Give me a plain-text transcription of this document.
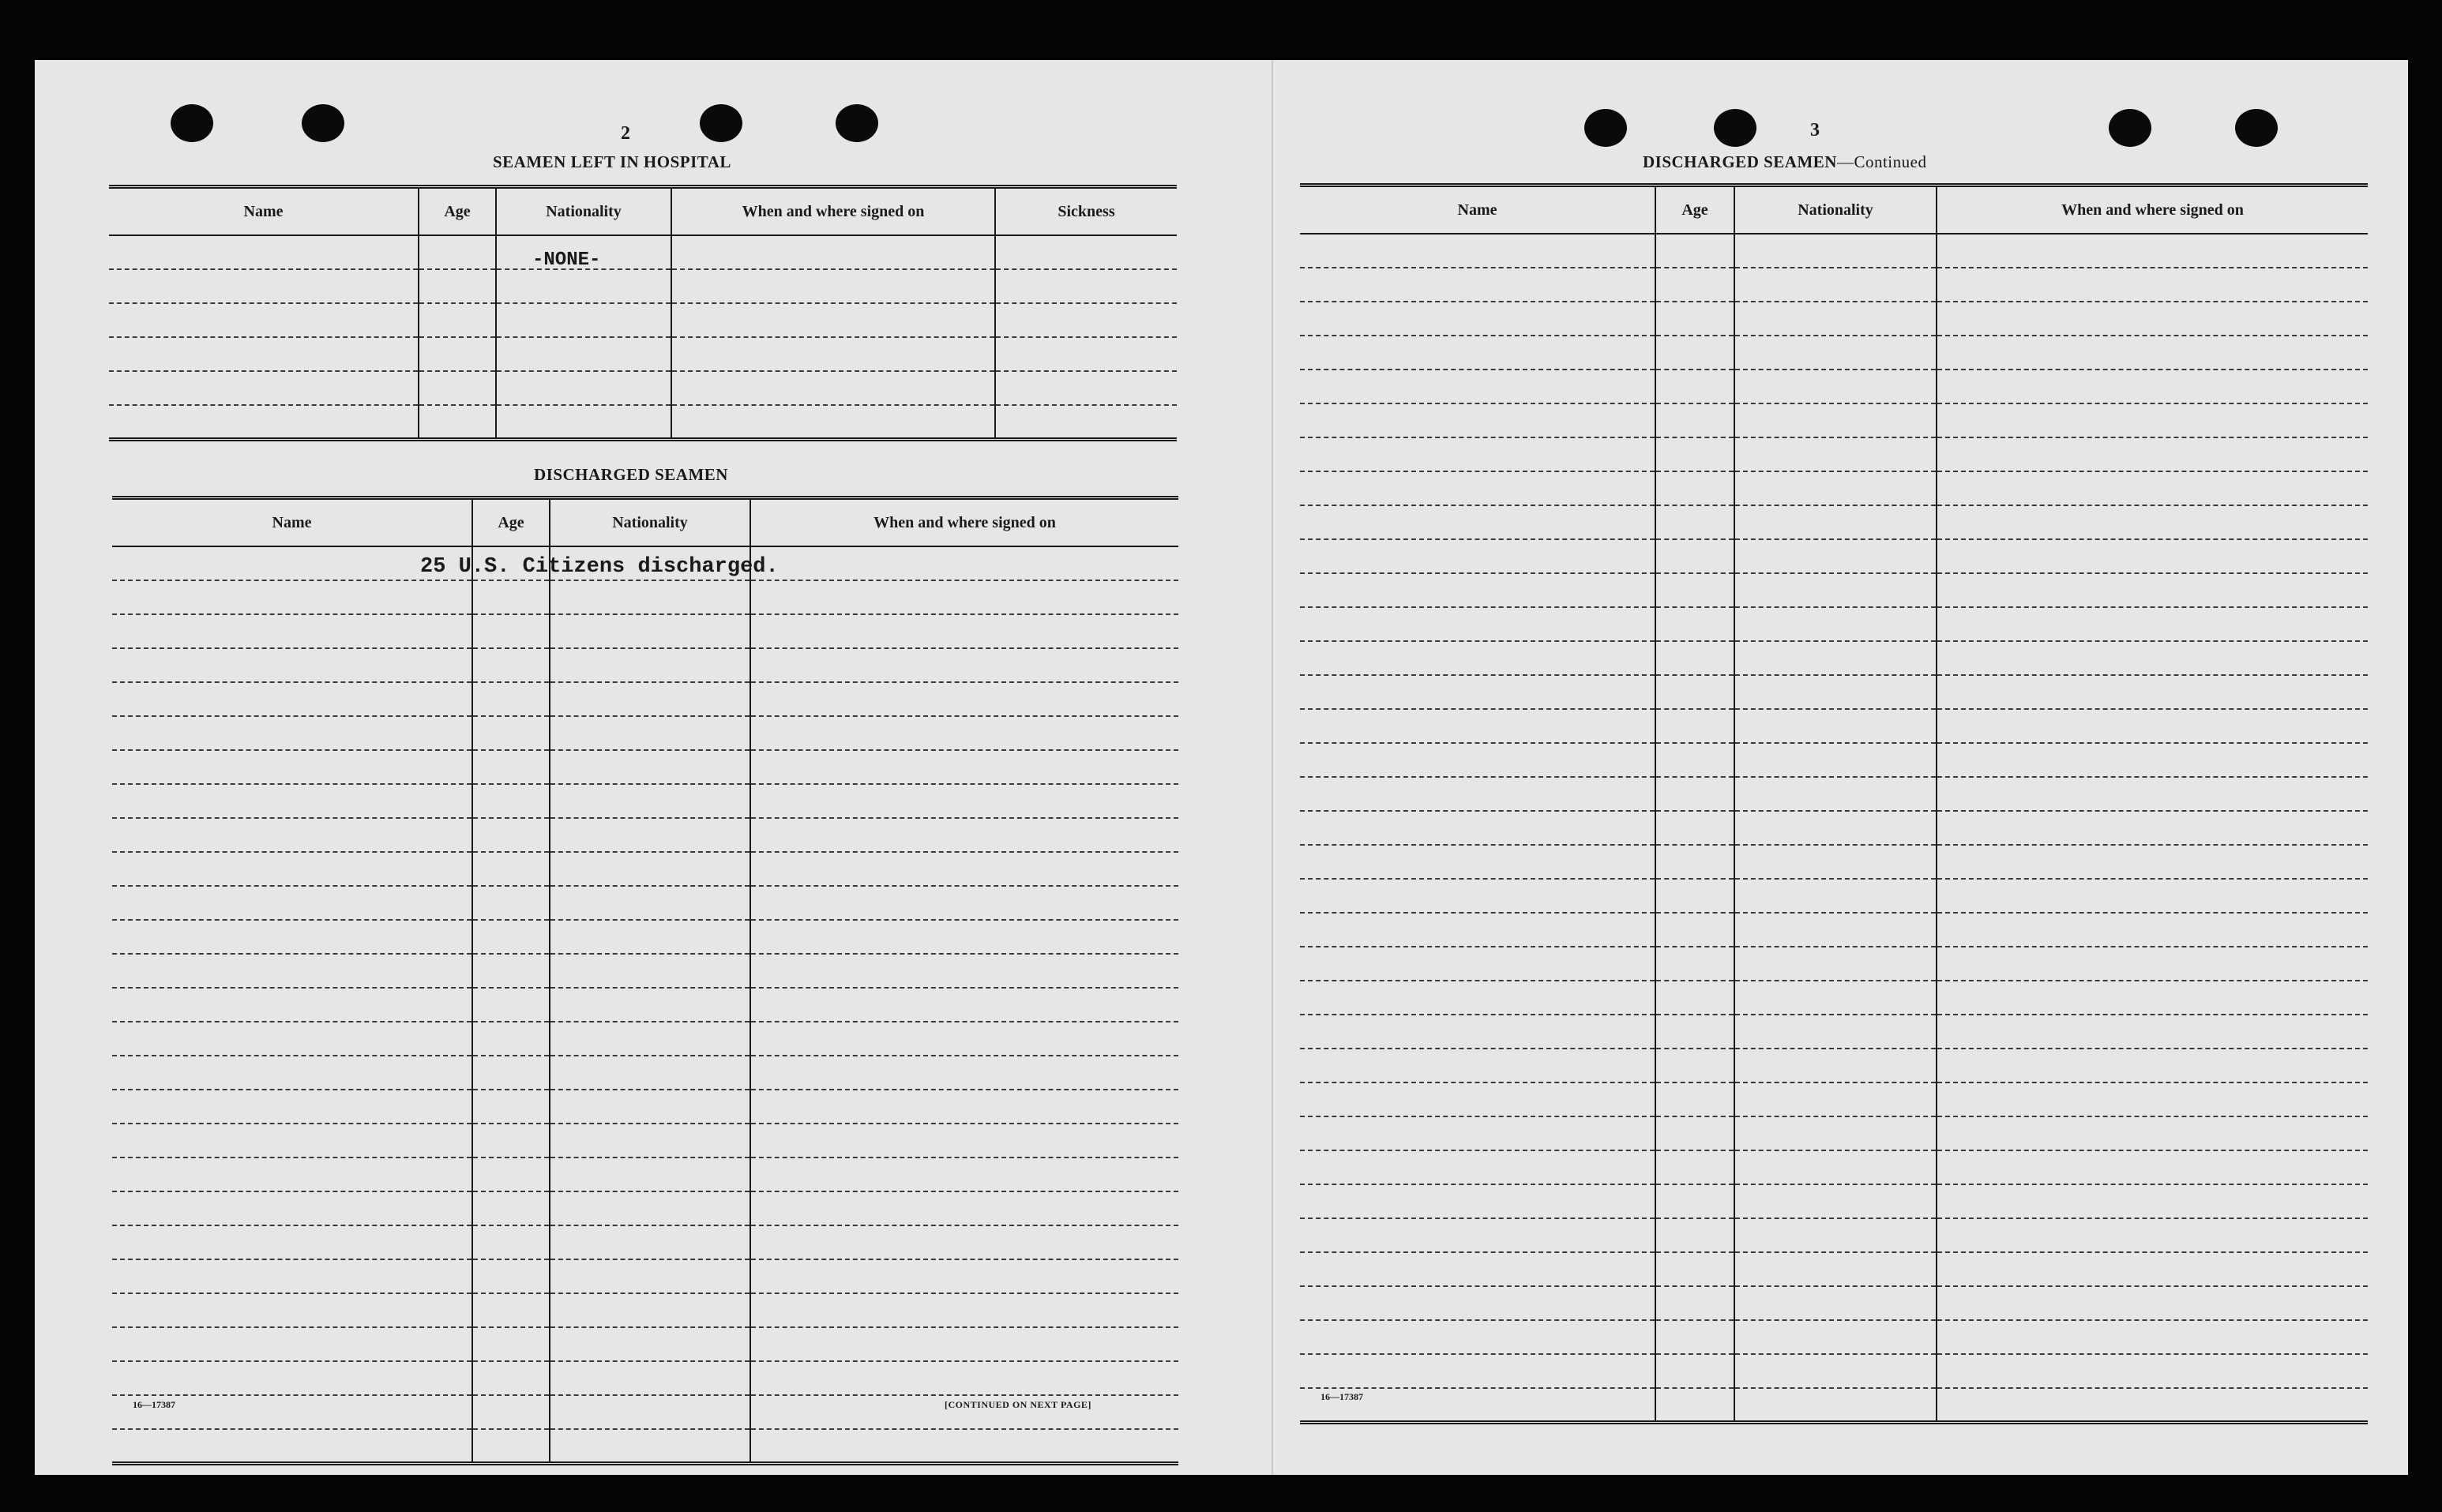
2
SEAMEN LEFT IN HOSPITAL
Name	Age	Nationality	When and where signed on	Sickness

-NONE-
DISCHARGED SEAMEN
Name	Age	Nationality	When and where signed on

25 U.S. Citizens discharged.
16—17387	[CONTINUED ON NEXT PAGE]
3
DISCHARGED SEAMEN—Continued
Name	Age	Nationality	When and where signed on

16—17387
